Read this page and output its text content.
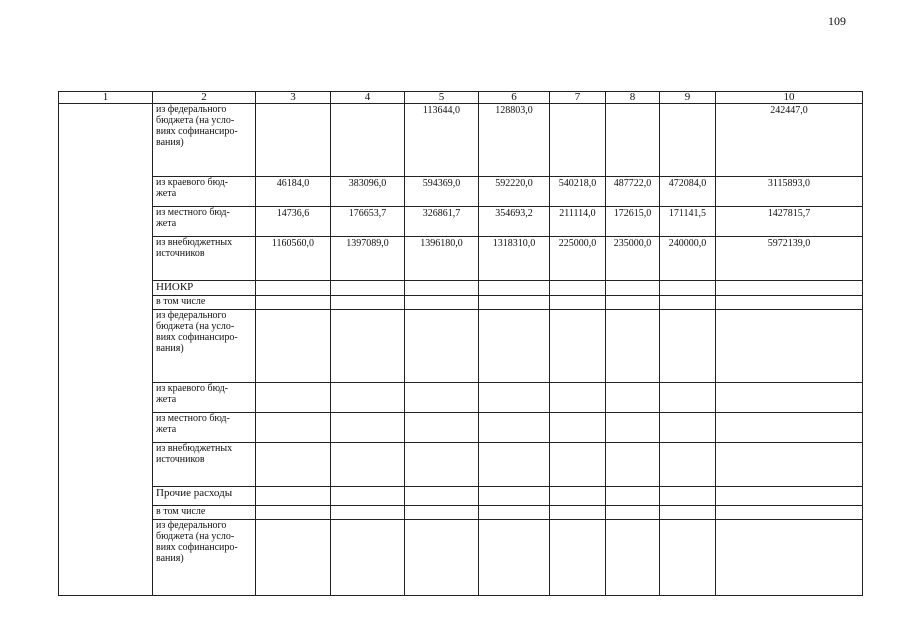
109
1	2	3	4	5	6	7	8	9	10
	из федерального
бюджета (на усло-
виях софинансиро-
вания)			113644,0	128803,0				242447,0
	из краевого бюд-
жета	46184,0	383096,0	594369,0	592220,0	540218,0	487722,0	472084,0	3115893,0
	из местного бюд-
жета	14736,6	176653,7	326861,7	354693,2	211114,0	172615,0	171141,5	1427815,7
	из внебюджетных
источников	1160560,0	1397089,0	1396180,0	1318310,0	225000,0	235000,0	240000,0	5972139,0
	НИОКР								
	в том числе								
	из федерального
бюджета (на усло-
виях софинансиро-
вания)								
	из краевого бюд-
жета								
	из местного бюд-
жета								
	из внебюджетных
источников								
	Прочие расходы								
	в том числе								
	из федерального
бюджета (на усло-
виях софинансиро-
вания)								
